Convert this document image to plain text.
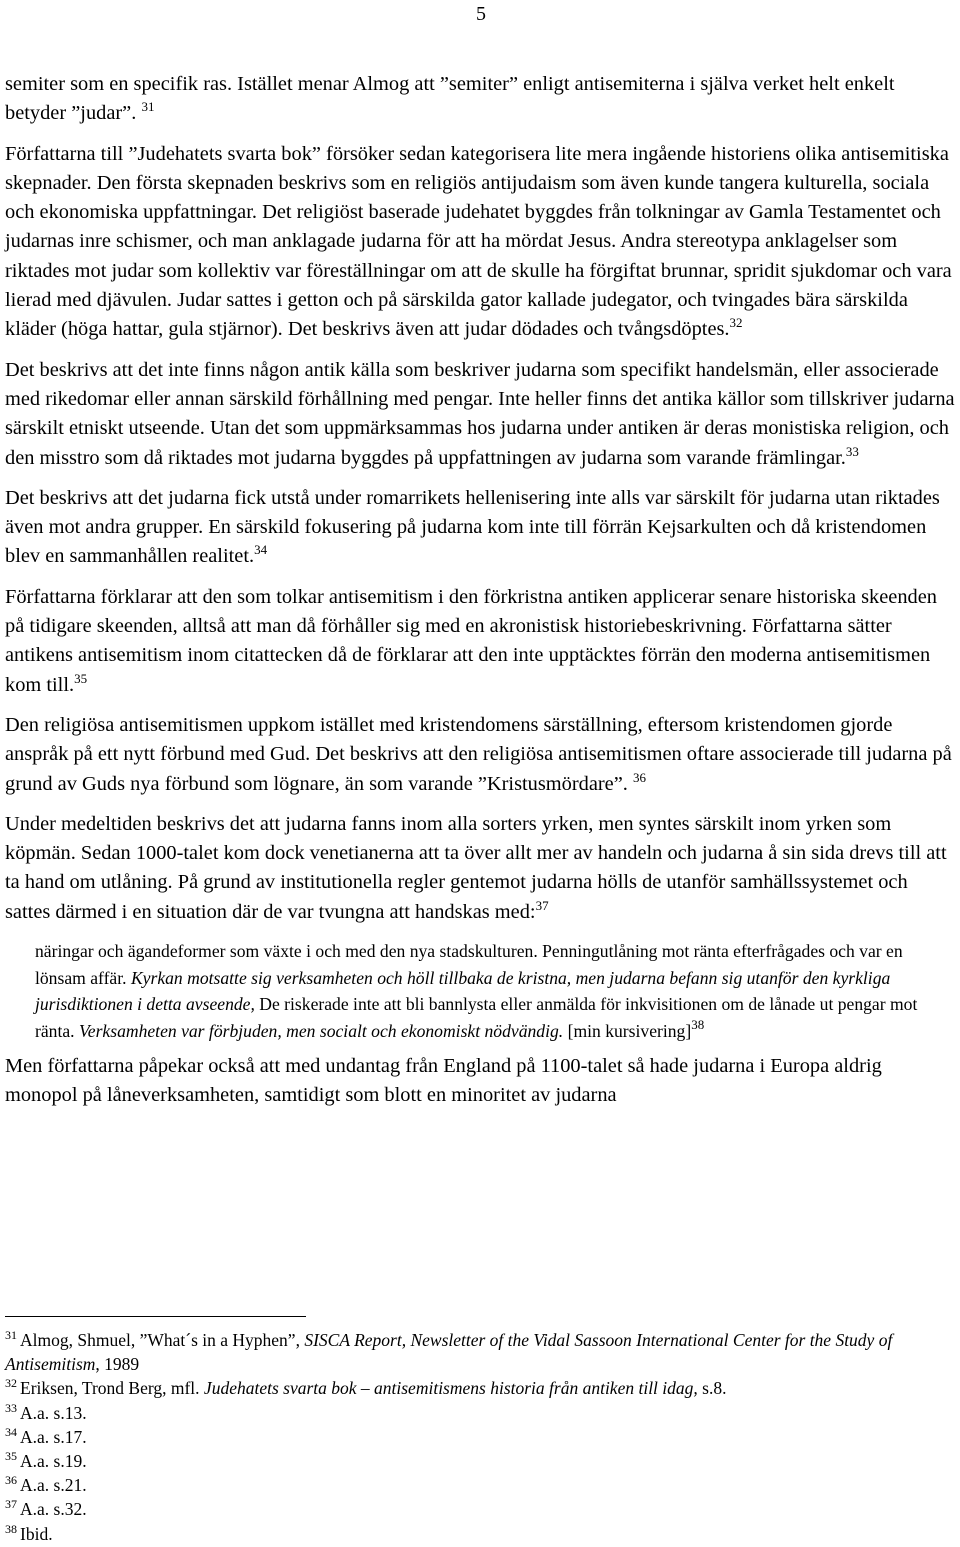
5

semiter som en specifik ras. Istället menar Almog att ”semiter” enligt antisemiterna i själva verket helt enkelt betyder ”judar”. $^{31}$

Författarna till ”Judehatets svarta bok” försöker sedan kategorisera lite mera ingående historiens olika antisemitiska skepnader. Den första skepnaden beskrivs som en religiös antijudaism som även kunde tangera kulturella, sociala och ekonomiska uppfattningar. Det religiöst baserade judehatet byggdes från tolkningar av Gamla Testamentet och judarnas inre schismer, och man anklagade judarna för att ha mördat Jesus. Andra stereotypa anklagelser som riktades mot judar som kollektiv var föreställningar om att de skulle ha förgiftat brunnar, spridit sjukdomar och vara lierad med djävulen. Judar sattes i getton och på särskilda gator kallade judegator, och tvingades bära särskilda kläder (höga hattar, gula stjärnor). Det beskrivs även att judar dödades och tvångsdöptes.$^{32}$

Det beskrivs att det inte finns någon antik källa som beskriver judarna som specifikt handelsmän, eller associerade med rikedomar eller annan särskild förhållning med pengar. Inte heller finns det antika källor som tillskriver judarna särskilt etniskt utseende. Utan det som uppmärksammas hos judarna under antiken är deras monistiska religion, och den misstro som då riktades mot judarna byggdes på uppfattningen av judarna som varande främlingar.$^{33}$

Det beskrivs att det judarna fick utstå under romarrikets hellenisering inte alls var särskilt för judarna utan riktades även mot andra grupper. En särskild fokusering på judarna kom inte till förrän Kejsarkulten och då kristendomen blev en sammanhållen realitet.$^{34}$

Författarna förklarar att den som tolkar antisemitism i den förkristna antiken applicerar senare historiska skeenden på tidigare skeenden, alltså att man då förhåller sig med en akronistisk historiebeskrivning. Författarna sätter antikens antisemitism inom citattecken då de förklarar att den inte upptäcktes förrän den moderna antisemitismen kom till.$^{35}$

Den religiösa antisemitismen uppkom istället med kristendomens särställning, eftersom kristendomen gjorde anspråk på ett nytt förbund med Gud. Det beskrivs att den religiösa antisemitismen oftare associerade till judarna på grund av Guds nya förbund som lögnare, än som varande ”Kristusmördare”. $^{36}$

Under medeltiden beskrivs det att judarna fanns inom alla sorters yrken, men syntes särskilt inom yrken som köpmän. Sedan 1000-talet kom dock venetianerna att ta över allt mer av handeln och judarna å sin sida drevs till att ta hand om utlåning. På grund av institutionella regler gentemot judarna hölls de utanför samhällssystemet och sattes därmed i en situation där de var tvungna att handskas med:$^{37}$

näringar och ägandeformer som växte i och med den nya stadskulturen. Penningutlåning mot ränta efterfrågades och var en lönsam affär. Kyrkan motsatte sig verksamheten och höll tillbaka de kristna, men judarna befann sig utanför den kyrkliga jurisdiktionen i detta avseende, De riskerade inte att bli bannlysta eller anmälda för inkvisitionen om de lånade ut pengar mot ränta. Verksamheten var förbjuden, men socialt och ekonomiskt nödvändig. [min kursivering]$^{38}$

Men författarna påpekar också att med undantag från England på 1100-talet så hade judarna i Europa aldrig monopol på låneverksamheten, samtidigt som blott en minoritet av judarna

$^{31}$ Almog, Shmuel, ”What´s in a Hyphen”, SISCA Report, Newsletter of the Vidal Sassoon International Center for the Study of Antisemitism, 1989
$^{32}$ Eriksen, Trond Berg, mfl. Judehatets svarta bok – antisemitismens historia från antiken till idag, s.8.
$^{33}$ A.a. s.13.
$^{34}$ A.a. s.17.
$^{35}$ A.a. s.19.
$^{36}$ A.a. s.21.
$^{37}$ A.a. s.32.
$^{38}$ Ibid.
